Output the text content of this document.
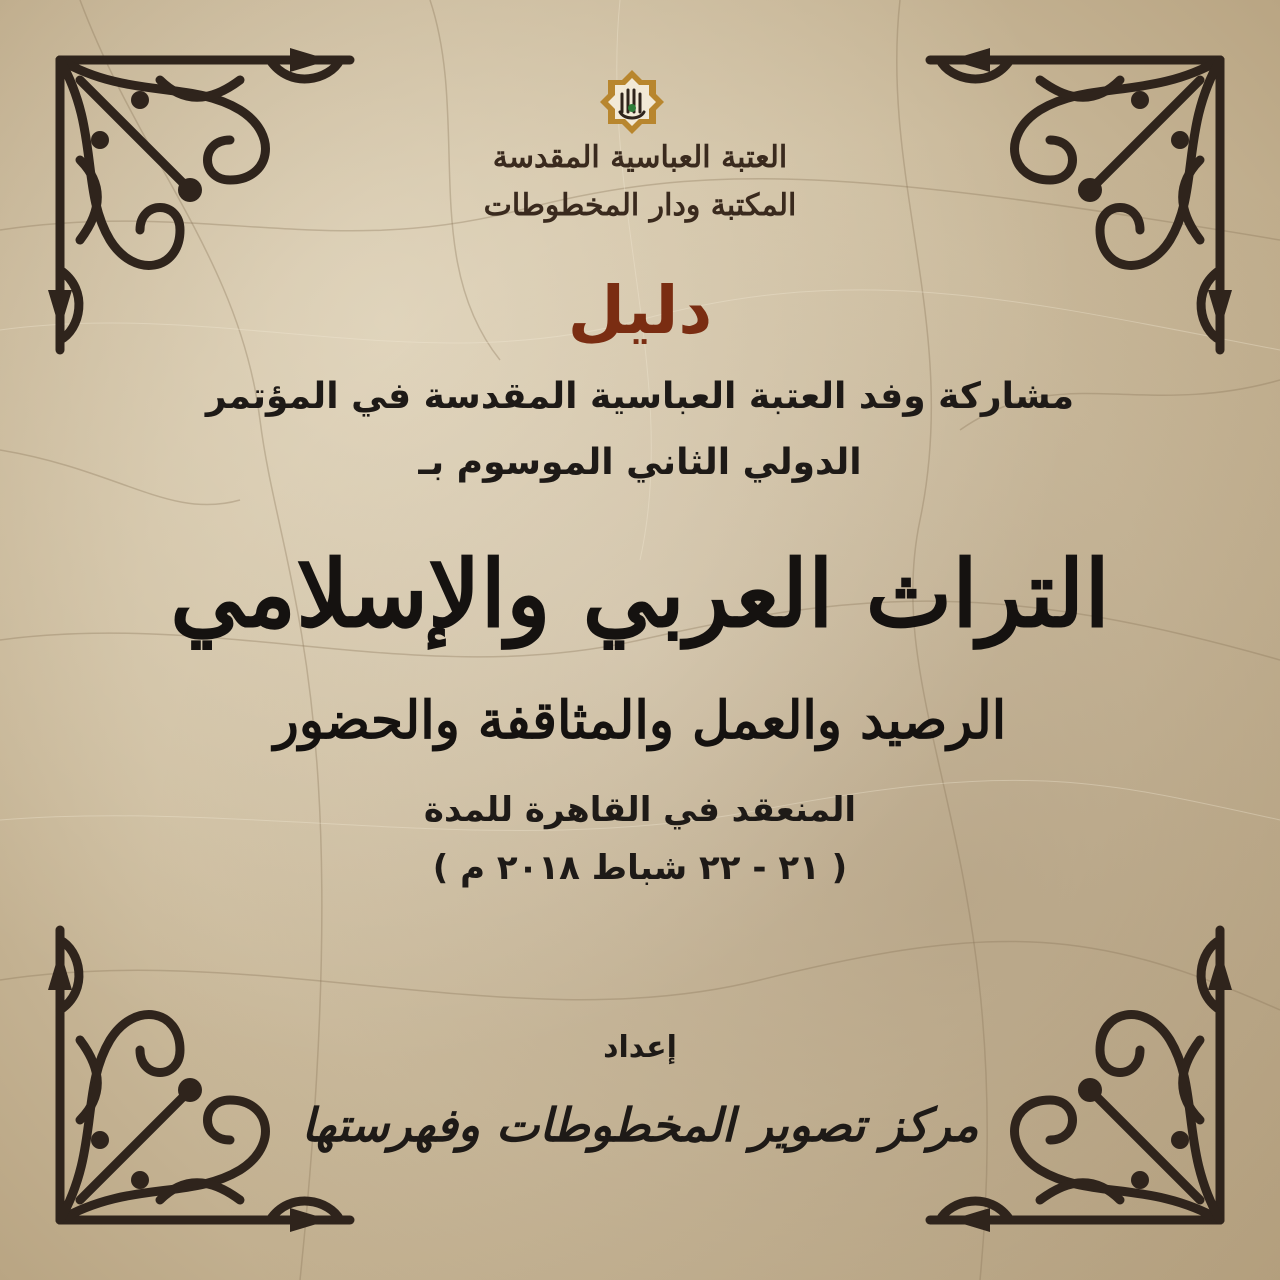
العتبة العباسية المقدسة
المكتبة ودار المخطوطات
دليل
مشاركة وفد العتبة العباسية المقدسة في المؤتمر
الدولي الثاني الموسوم بـ
التراث العربي والإسلامي
الرصيد والعمل والمثاقفة والحضور
المنعقد في القاهرة للمدة
( ٢١ - ٢٢ شباط ٢٠١٨ م )
إعداد
مركز تصوير المخطوطات وفهرستها
